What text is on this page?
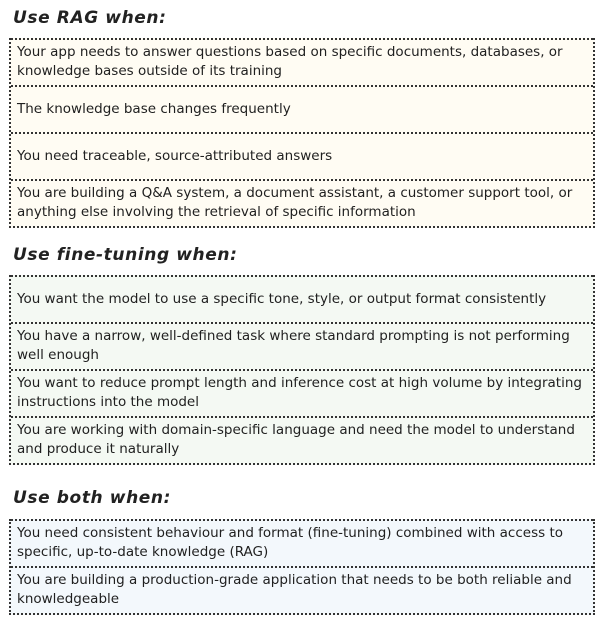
Use RAG when:
Your app needs to answer questions based on specific documents, databases, or knowledge bases outside of its training
The knowledge base changes frequently
You need traceable, source-attributed answers
You are building a Q&A system, a document assistant, a customer support tool, or anything else involving the retrieval of specific information
Use fine-tuning when:
You want the model to use a specific tone, style, or output format consistently
You have a narrow, well-defined task where standard prompting is not performing well enough
You want to reduce prompt length and inference cost at high volume by integrating instructions into the model
You are working with domain-specific language and need the model to understand and produce it naturally
Use both when:
You need consistent behaviour and format (fine-tuning) combined with access to specific, up-to-date knowledge (RAG)
You are building a production-grade application that needs to be both reliable and knowledgeable
